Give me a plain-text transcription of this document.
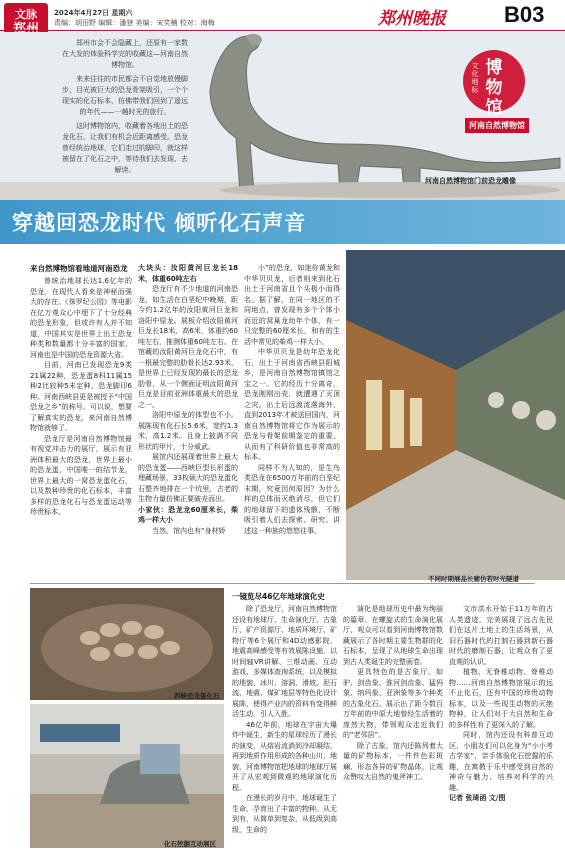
文脉	2024年4月27日 星期六
责编：胡田野 编辑：潘登 美编：宋笑楠 校对：海梅	郑州晚报	B03

郑州市会不会隐藏上，还原有一家数在大发的体验科学完的收藏这—河南自然博物馆。

来来往往的市民都会不自觉地放慢脚步，目光被巨大的恐龙骨架吸引，一个个现实的化石标本，仿佛带我们回到了遥远的年代——一趟时光的旅行。

这时博物馆内，收藏着各地出土的恐龙化石，让我们有机会近距离感受。恐龙曾经统治地球，它们走过的脚印，就这样被留在了化石之中，等待我们去发现、去解读。

文化地标
博物馆
河南自然博物馆
河南自然博物馆门前恐龙雕像
穿越回恐龙时代 倾听化石声音
来自然博物馆看地道河南恐龙

曾统治地球长达1.6亿年的恐龙，在现代人看来是神秘而强大的存在。《侏罗纪公园》等电影在亿万观众心中埋下了十分经典的恐龙形象，但或许有人并不知道，中国其实是世界上出土恐龙种类和数量都十分丰富的国家，河南也是中国的恐龙资源大省。

目前，河南已发现恐龙9类21属22种，恐龙蛋8科11属15种2比较种5未定种，恐龙脚印6种。河南西峡县更是被授予“中国恐龙之乡”的称号。可以说，想要了解真实的恐龙，来河南自然博物馆就够了。

恐龙厅是河南自然博物馆最有视觉冲击力的展厅，展示有亚洲体积最大的恐龙，世界上最小的恐龙蛋，中国唯一的结节龙，世界上最大的一窝恐龙蛋化石，以及数种珍贵的化石标本，丰富多样的恐龙化石与恐龙蛋运动等珍贵标本。

大块头：汝阳黄河巨龙长18米，体重60吨左右

恐龙厅有不少地道的河南恐龙，如生活在白垩纪中晚期，距今约1.2亿年的汝阳黄河巨龙和洛阳中原龙。展板介绍汝阳黄河巨龙长18米、高6米，体重约60吨左右，推测体重60吨左右。在馆藏的汝阳黄河巨龙化石中，有一根最完整的肋骨长达2.93米，是世界上已经发现的最长的恐龙肋骨，从一个侧面证明汝阳黄河巨龙是目前亚洲体重最大的恐龙之一。

洛阳中原龙的体型也不小。展陈现有化石长5.6米，宽约1.3米，高1.2米。且身上披满不同形状的甲片，十分威武。

展馆内还展现着世界上最大的恐龙蛋——西峡巨型长形蛋的埋藏场景，33枚硕大的恐龙蛋化石整齐地排在一个坑里，古老的生物力量仿佛正要破壳而出。

小家伙：恐龙龙60厘米长，柴鸡一样大小

当然，馆内也有“身材娇

小”的恐龙，如迷你黄龙和中华贝贝龙，后者则来到化石出土于河南省且个头极小而得名。据了解，在同一地区的不同地点，曾发现有多个个体小而近的窝巢龙幼年个体，有一只完整的60厘米长，和有的生活中常见的柴鸡一样大小。

中华贝贝龙是幼年恐龙化石，出土于河南省西峡县阳城乡，是河南自然博物馆镇馆之宝之一。它的经历十分离奇，恐龙刚刚出壳，就遭遇了灭顶之灾。出土后远渡流落海外，直到2013年才被送回国内，河南自然博物馆将它作为展示的恐龙与骨架前期鉴定的重要，从而有了科研价值也非常高的标本。

同样不为人知的，是生鸟类恐龙在6500万年前的白垩纪末期，究竟因何原因？为什么样的总体而灭绝消尽，但它们的地球留下的遗体残骸，不断吸引着人们去探索、研究、讲述这一种族的悠悠往事。

不同时期展品长廊仿若时光隧道
西峡恐龙蛋化石
化石挖掘互动展区
一镜览尽46亿年地球演化史

除了恐龙厅，河南自然博物馆还设有地球厅、生命演化厅、古象厅、矿产资源厅、地质环境厅、矿物厅等6个展厅和4D动感影院，地震高峰感受等有效展陈设施，以时间轴VR讲解、三维动画、互动游戏、多媒体查询系统，以及模拟的地貌、冰川、溶洞、滑坡、泥石流、地震、煤矿地层等特色化设计展陈，使得产业内的资料有变得鲜活生动，引人入胜。

46亿年前，地球在宇宙大爆炸中诞生，新生的星球经历了漫长的演变，从熔岩流淌到冷却凝结，再到地质作用形成的各种山川、地貌，河南博物馆把地球的地球厅展开了从宏观到微观的地球演化历程。

在漫长的岁月中，地球诞生了生命，孕育出了丰富的物种。从无到有，从简单到复杂，从低级到高级，生命的

演化是地球历史中最为绚丽的篇章。在螺旋式的生命演化展厅，观众可以看到河南博物馆数藏展示了各时期主要生物群的化石标本，呈现了从地球生命出现到古人类诞生的完整画卷。

更具特色的是古象厅。如驴、剑齿象、淮河剑齿象、猛犸象、纳玛象、亚洲象等多个种类的古象化石，展示出了距今数百万年前的中原大地曾经生活着的庞然大物，带领观众走近我们的“老邻居”。

除了古象，馆内还陈列着大量的矿物标本，一件件色彩斑斓、形态各异的矿物晶体，让观众赞叹大自然的鬼斧神工。

文市洪水开始于11万年的古人类遗迹，完美展现了远古先民们在这片土地上的生活场景，从旧石器时代的打制石器到新石器时代的磨制石器，让观众有了更直观的认识。

植物、无脊椎动物、脊椎动物……河南自然博物馆展示的远不止化石，还有中国的珍贵动物标本，以及一些现生动物的灭绝物种，让人们对于大自然和生命的多样性有了更深入的了解。

同时，馆内还设有科普互动区，小朋友们可以化身为“小小考古学家”，亲手体验化石挖掘的乐趣，在寓教于乐中感受到自然的神奇与魅力，培养对科学的兴趣。

记者 张琦函 文/图
